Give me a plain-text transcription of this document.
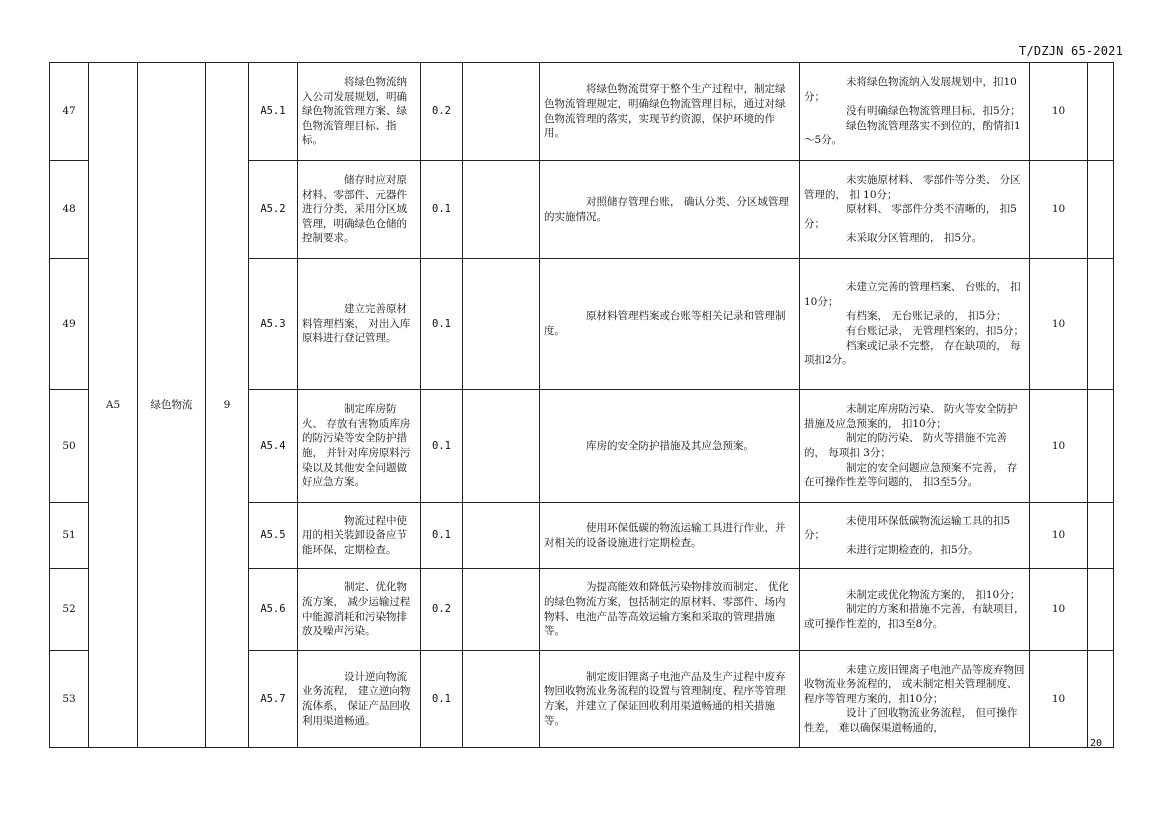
T/DZJN 65-2021
47	A5	绿色物流	9	A5.1	将绿色物流纳入公司发展规划，明确绿色物流管理方案、绿色物流管理目标、指标。	0.2		将绿色物流贯穿于整个生产过程中，制定绿色物流管理规定，明确绿色物流管理目标，通过对绿色物流管理的落实，实现节约资源，保护环境的作用。	未将绿色物流纳入发展规划中，扣10分；
没有明确绿色物流管理目标，扣5分；
绿色物流管理落实不到位的，酌情扣1～5分。	10	
48				A5.2	储存时应对原材料、零部件、元器件进行分类，采用分区域管理，明确绿色仓储的控制要求。	0.1		对照储存管理台账， 确认分类、分区域管理的实施情况。	未实施原材料、 零部件等分类、 分区管理的， 扣 10分；
原材料、 零部件分类不清晰的， 扣5分；
未采取分区管理的， 扣5分。	10	
49				A5.3	建立完善原材料管理档案， 对出入库原料进行登记管理。	0.1		原材料管理档案或台账等相关记录和管理制度。	未建立完善的管理档案、 台账的， 扣10分；
有档案， 无台账记录的， 扣5分；
有台账记录， 无管理档案的，扣5分；
档案或记录不完整， 存在缺项的， 每项扣2分。	10	
50				A5.4	制定库房防火、 存放有害物质库房的防污染等安全防护措施， 并针对库房原料污染以及其他安全问题做好应急方案。	0.1		库房的安全防护措施及其应急预案。	未制定库房防污染、 防火等安全防护措施及应急预案的， 扣10分；
制定的防污染、 防火等措施不完善的， 每项扣 3分；
制定的安全问题应急预案不完善， 存在可操作性差等问题的， 扣3至5分。	10	
51				A5.5	物流过程中使用的相关装卸设备应节能环保，定期检查。	0.1		使用环保低碳的物流运输工具进行作业，并对相关的设备设施进行定期检查。	未使用环保低碳物流运输工具的扣5分；
未进行定期检查的，扣5分。	10	
52				A5.6	制定、优化物流方案， 减少运输过程中能源消耗和污染物排放及噪声污染。	0.2		为提高能效和降低污染物排放而制定、 优化的绿色物流方案，包括制定的原材料、零部件、场内物料、电池产品等高效运输方案和采取的管理措施等。	未制定或优化物流方案的， 扣10分；
制定的方案和措施不完善，有缺项目，或可操作性差的，扣3至8分。	10	
53				A5.7	设计逆向物流业务流程， 建立逆向物流体系， 保证产品回收利用渠道畅通。	0.1		制定废旧锂离子电池产品及生产过程中废弃物回收物流业务流程的设置与管理制度、程序等管理方案，并建立了保证回收利用渠道畅通的相关措施等。	未建立废旧锂离子电池产品等废弃物回收物流业务流程的， 或未制定相关管理制度、 程序等管理方案的，扣10分；
设计了回收物流业务流程， 但可操作性差， 难以确保渠道畅通的，	10	
20
